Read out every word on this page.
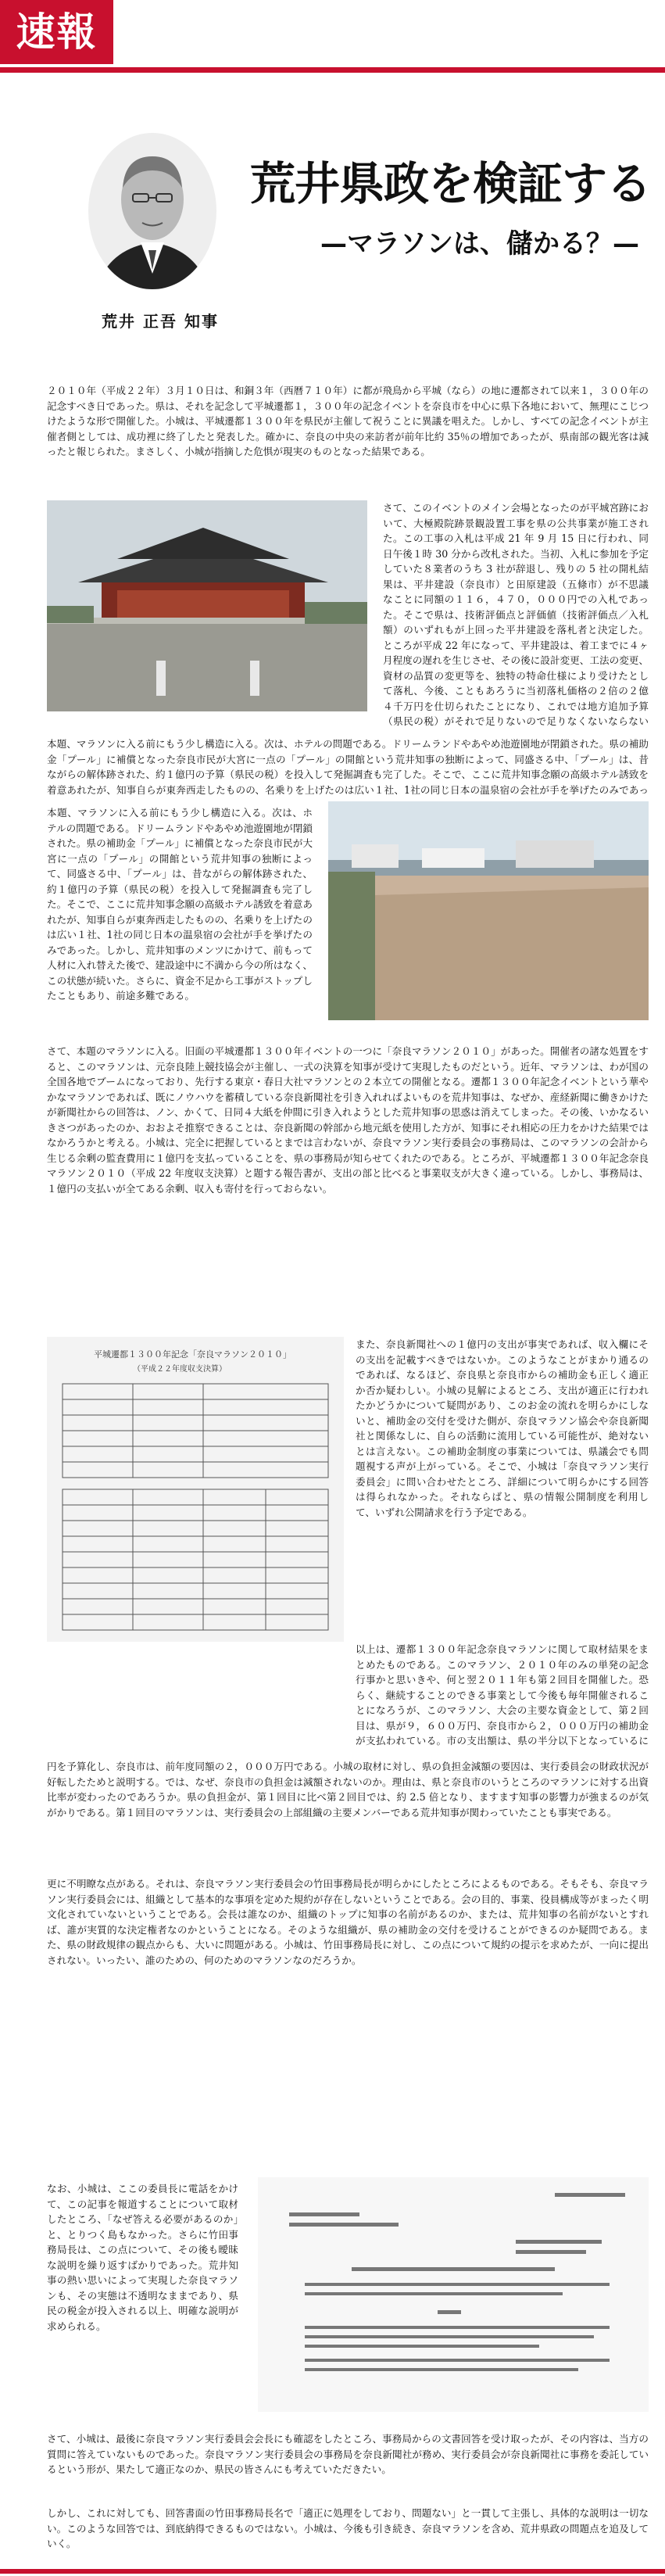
速報
荒井 正吾 知事
荒井県政を検証する
—マラソンは、儲かる？—

２０１０年（平成２２年）３月１０日は、和銅３年（西暦７１０年）に都が飛鳥から平城（なら）の地に遷都されて以来１，３００年の記念すべき日であった。県は、それを記念して平城遷都１，３００年の記念イベントを奈良市を中心に県下各地において、無理にこじつけたような形で開催した。小城は、平城遷都１３００年を県民が主催して祝うことに異議を唱えた。しかし、すべての記念イベントが主催者側としては、成功裡に終了したと発表した。確かに、奈良の中央の来訪者が前年比約 35％の増加であったが、県南部の観光客は減ったと報じられた。まさしく、小城が指摘した危惧が現実のものとなった結果である。

さて、このイベントのメイン会場となったのが平城宮跡において、大極殿院跡景観設置工事を県の公共事業が施工された。この工事の入札は平成 21 年 9 月 15 日に行われ、同日午後１時 30 分から改札された。当初、入札に参加を予定していた８業者のうち 3 社が辞退し、残りの 5 社の開札結果は、平井建設（奈良市）と田原建設（五條市）が不思議なことに同額の１１６，４７０，０００円での入札であった。そこで県は、技術評価点と評価値（技術評価点／入札額）のいずれもが上回った平井建設を落札者と決定した。ところが平成 22 年になって、平井建設は、着工までに４ヶ月程度の遅れを生じさせ、その後に設計変更、工法の変更、資材の品質の変更等を、独特の特命仕様により受けたとして落札、今後、こともあろうに当初落札価格の２倍の２億４千万円を仕切られたことになり、これでは地方追加予算（県民の税）がそれで足りないので足りなくないならない

本題、マラソンに入る前にもう少し構造に入る。次は、ホテルの問題である。ドリームランドやあやめ池遊園地が閉鎖された。県の補助金「プール」に補償となった奈良市民が大宮に一点の「プール」の開館という荒井知事の独断によって、同盛さる中、「プール」は、昔ながらの解体跡された、約１億円の予算（県民の税）を投入して発掘調査も完了した。そこで、ここに荒井知事念願の高級ホテル誘致を着意あれたが、知事自らが東奔西走したものの、名乗りを上げたのは広い１社、1社の同じ日本の温泉宿の会社が手を挙げたのみであっ

本題、マラソンに入る前にもう少し構造に入る。次は、ホテルの問題である。ドリームランドやあやめ池遊園地が閉鎖された。県の補助金「プール」に補償となった奈良市民が大宮に一点の「プール」の開館という荒井知事の独断によって、同盛さる中、「プール」は、昔ながらの解体跡された、約１億円の予算（県民の税）を投入して発掘調査も完了した。そこで、ここに荒井知事念願の高級ホテル誘致を着意あれたが、知事自らが東奔西走したものの、名乗りを上げたのは広い１社、1社の同じ日本の温泉宿の会社が手を挙げたのみであった。しかし、荒井知事のメンツにかけて、前もって人材に入れ替えた後で、建設途中に不満から今の所はなく、この状態が続いた。さらに、資金不足から工事がストップしたこともあり、前途多難である。

さて、本題のマラソンに入る。旧面の平城遷都１３００年イベントの一つに「奈良マラソン２０１０」があった。開催者の諸な処置をすると、このマラソンは、元奈良陸上競技協会が主催し、一式の決算を知事が受けて実現したものだという。近年、マラソンは、わが国の全国各地でブームになっており、先行する東京・春日大社マラソンとの２本立ての開催となる。遷都１３００年記念イベントという華やかなマラソンであれば、既にノウハウを蓄積している奈良新聞社を引き入れればよいものを荒井知事は、なぜか、産経新聞に働きかけたが新聞社からの回答は、ノン、かくて、日同４大紙を仲間に引き入れようとした荒井知事の思惑は消えてしまった。その後、いかなるいきさつがあったのか、おおよそ推察できることは、奈良新聞の幹部から地元紙を使用した方が、知事にそれ相応の圧力をかけた結果ではなかろうかと考える。小城は、完全に把握しているとまでは言わないが、奈良マラソン実行委員会の事務局は、このマラソンの会計から生じる余剰の監査費用に１億円を支払っていることを、県の事務局が知らせてくれたのである。ところが、平城遷都１３００年記念奈良マラソン２０１０（平成 22 年度収支決算）と題する報告書が、支出の部と比べると事業収支が大きく違っている。しかし、事務局は、１億円の支払いが全てある余剰、収入も寄付を行っておらない。

平城遷都１３００年記念「奈良マラソン２０１０」
（平成２２年度収支決算）

また、奈良新聞社への１億円の支出が事実であれば、収入欄にその支出を記載すべきではないか。このようなことがまかり通るのであれば、なるほど、奈良県と奈良市からの補助金も正しく適正か否か疑わしい。小城の見解によるところ、支出が適正に行われたかどうかについて疑問があり、このお金の流れを明らかにしないと、補助金の交付を受けた側が、奈良マラソン協会や奈良新聞社と関係なしに、自らの活動に流用している可能性が、絶対ないとは言えない。この補助金制度の事業については、県議会でも問題視する声が上がっている。そこで、小城は「奈良マラソン実行委員会」に問い合わせたところ、詳細について明らかにする回答は得られなかった。それならばと、県の情報公開制度を利用して、いずれ公開請求を行う予定である。

以上は、遷都１３００年記念奈良マラソンに関して取材結果をまとめたものである。このマラソン、２０１０年のみの単発の記念行事かと思いきや、何と翌２０１１年も第２回目を開催した。恐らく、継続することのできる事業として今後も毎年開催されることになろうが、このマラソン、大会の主要な資金として、第２回目は、県が９，６００万円、奈良市から２，０００万円の補助金が支払われている。市の支出額は、県の半分以下となっているに

円を予算化し、奈良市は、前年度同額の２，０００万円である。小城の取材に対し、県の負担金減額の要因は、実行委員会の財政状況が好転したためと説明する。では、なぜ、奈良市の負担金は減額されないのか。理由は、県と奈良市のいうところのマラソンに対する出資比率が変わったのであろうか。県の負担金が、第１回目に比べ第２回目では、約 2.5 倍となり、ますます知事の影響力が強まるのが気がかりである。第１回目のマラソンは、実行委員会の上部組織の主要メンバーである荒井知事が関わっていたことも事実である。

更に不明瞭な点がある。それは、奈良マラソン実行委員会の竹田事務局長が明らかにしたところによるものである。そもそも、奈良マラソン実行委員会には、組織として基本的な事項を定めた規約が存在しないということである。会の目的、事業、役員構成等がまったく明文化されていないということである。会長は誰なのか、組織のトップに知事の名前があるのか、または、荒井知事の名前がないとすれば、誰が実質的な決定権者なのかということになる。そのような組織が、県の補助金の交付を受けることができるのか疑問である。また、県の財政規律の観点からも、大いに問題がある。小城は、竹田事務局長に対し、この点について規約の提示を求めたが、一向に提出されない。いったい、誰のための、何のためのマラソンなのだろうか。

なお、小城は、ここの委員長に電話をかけて、この記事を報道することについて取材したところ、「なぜ答える必要があるのか」と、とりつく島もなかった。さらに竹田事務局長は、この点について、その後も曖昧な説明を繰り返すばかりであった。荒井知事の熱い思いによって実現した奈良マラソンも、その実態は不透明なままであり、県民の税金が投入される以上、明確な説明が求められる。

さて、小城は、最後に奈良マラソン実行委員会会長にも確認をしたところ、事務局からの文書回答を受け取ったが、その内容は、当方の質問に答えていないものであった。奈良マラソン実行委員会の事務局を奈良新聞社が務め、実行委員会が奈良新聞社に事務を委託しているという形が、果たして適正なのか、県民の皆さんにも考えていただきたい。

しかし、これに対しても、回答書面の竹田事務局長名で「適正に処理をしており、問題ない」と一貫して主張し、具体的な説明は一切ない。このような回答では、到底納得できるものではない。小城は、今後も引き続き、奈良マラソンを含め、荒井県政の問題点を追及していく。
